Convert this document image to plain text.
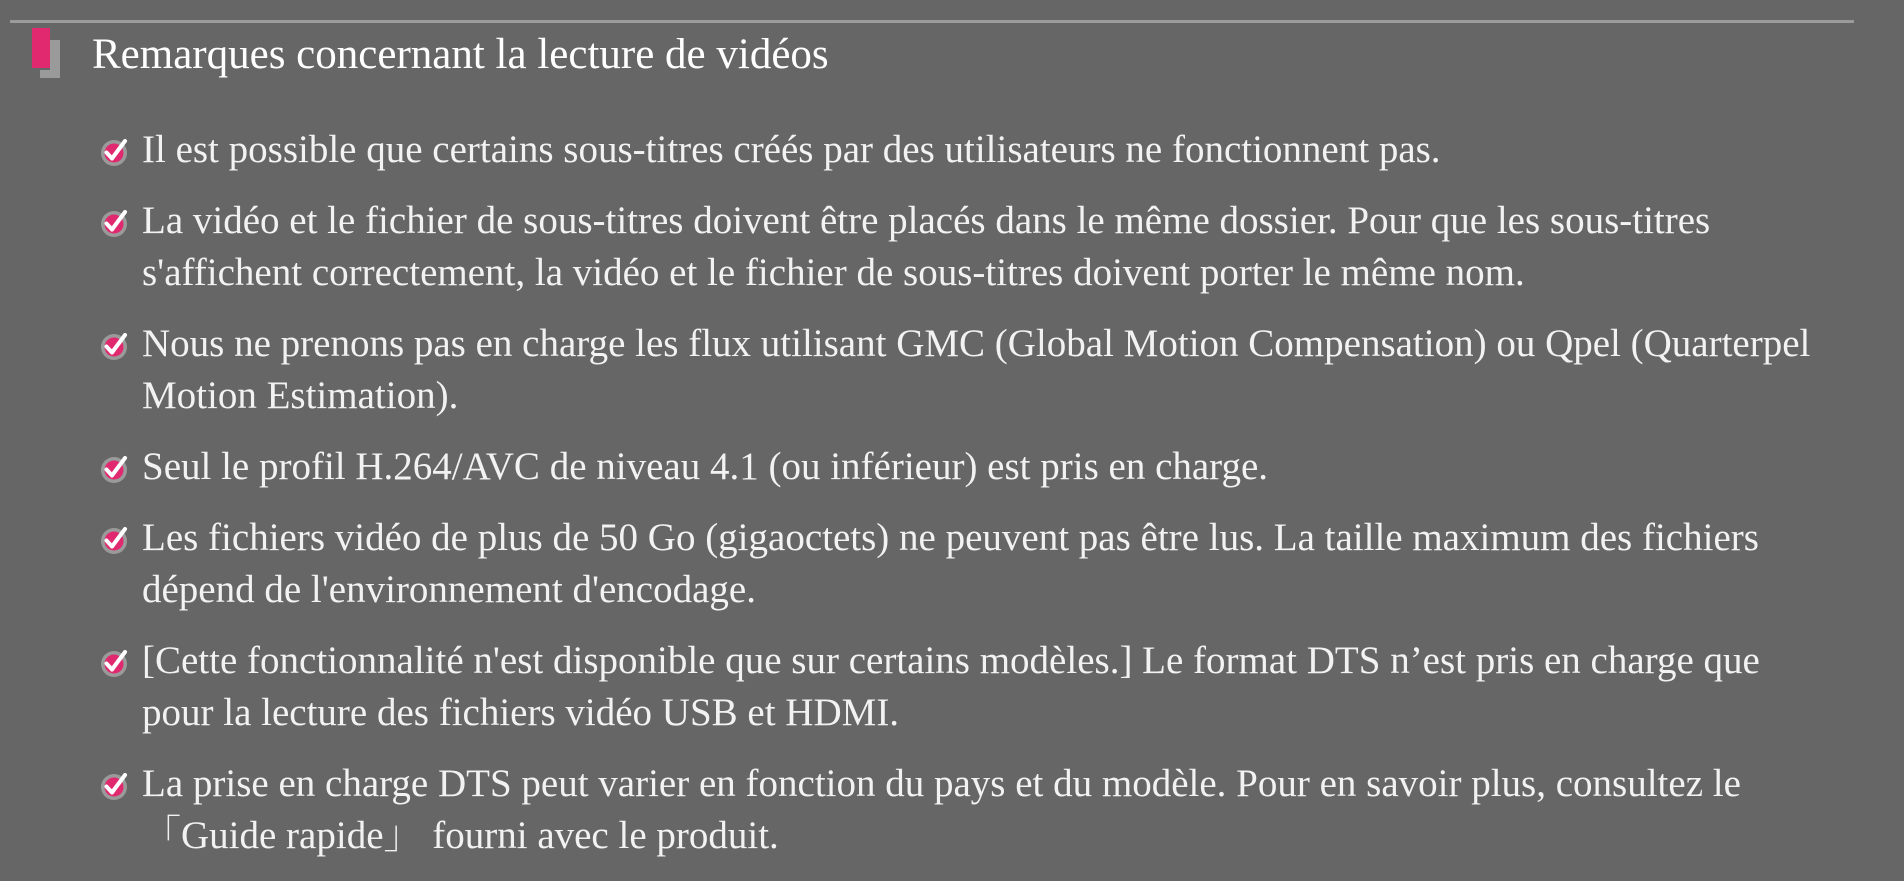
Remarques concernant la lecture de vidéos
Il est possible que certains sous-titres créés par des utilisateurs ne fonctionnent pas.
La vidéo et le fichier de sous-titres doivent être placés dans le même dossier. Pour que les sous-titres s'affichent correctement, la vidéo et le fichier de sous-titres doivent porter le même nom.
Nous ne prenons pas en charge les flux utilisant GMC (Global Motion Compensation) ou Qpel (Quarterpel Motion Estimation).
Seul le profil H.264/AVC de niveau 4.1 (ou inférieur) est pris en charge.
Les fichiers vidéo de plus de 50 Go (gigaoctets) ne peuvent pas être lus. La taille maximum des fichiers dépend de l'environnement d'encodage.
[Cette fonctionnalité n'est disponible que sur certains modèles.] Le format DTS n’est pris en charge que pour la lecture des fichiers vidéo USB et HDMI.
La prise en charge DTS peut varier en fonction du pays et du modèle. Pour en savoir plus, consultez le 「Guide rapide」 fourni avec le produit.
